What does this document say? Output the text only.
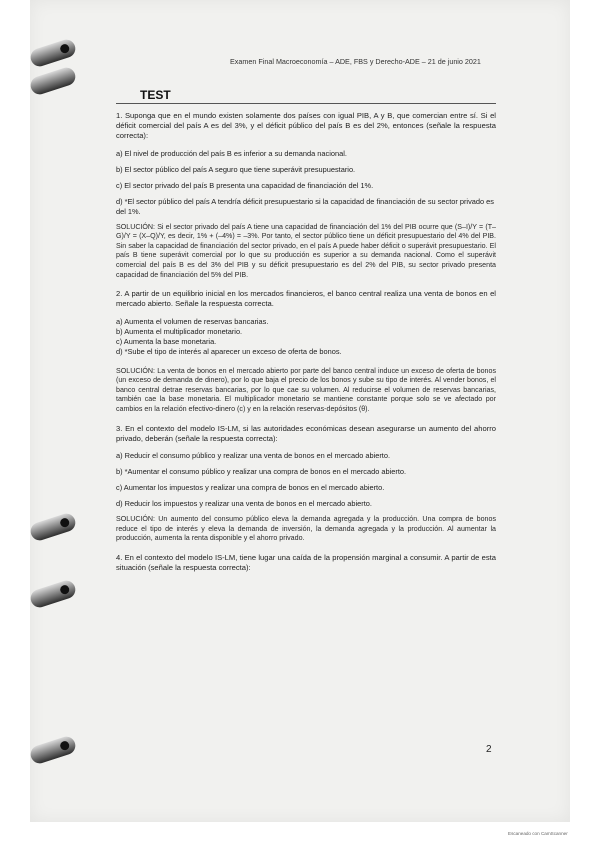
Examen Final Macroeconomía – ADE, FBS y Derecho-ADE – 21 de junio 2021
TEST

1. Suponga que en el mundo existen solamente dos países con igual PIB, A y B, que comercian entre sí. Si el déficit comercial del país A es del 3%, y el déficit público del país B es del 2%, entonces (señale la respuesta correcta):

a) El nivel de producción del país B es inferior a su demanda nacional.

b) El sector público del país A seguro que tiene superávit presupuestario.

c) El sector privado del país B presenta una capacidad de financiación del 1%.

d) *El sector público del país A tendría déficit presupuestario si la capacidad de financiación de su sector privado es del 1%.

SOLUCIÓN: Si el sector privado del país A tiene una capacidad de financiación del 1% del PIB ocurre que (S–I)/Y = (T–G)/Y = (X–Q)/Y, es decir, 1% + (–4%) = –3%. Por tanto, el sector público tiene un déficit presupuestario del 4% del PIB. Sin saber la capacidad de financiación del sector privado, en el país A puede haber déficit o superávit presupuestario. El país B tiene superávit comercial por lo que su producción es superior a su demanda nacional. Como el superávit comercial del país B es del 3% del PIB y su déficit presupuestario es del 2% del PIB, su sector privado presenta capacidad de financiación del 5% del PIB.

2. A partir de un equilibrio inicial en los mercados financieros, el banco central realiza una venta de bonos en el mercado abierto. Señale la respuesta correcta.

a) Aumenta el volumen de reservas bancarias.

b) Aumenta el multiplicador monetario.

c) Aumenta la base monetaria.

d) *Sube el tipo de interés al aparecer un exceso de oferta de bonos.

SOLUCIÓN: La venta de bonos en el mercado abierto por parte del banco central induce un exceso de oferta de bonos (un exceso de demanda de dinero), por lo que baja el precio de los bonos y sube su tipo de interés. Al vender bonos, el banco central detrae reservas bancarias, por lo que cae su volumen. Al reducirse el volumen de reservas bancarias, también cae la base monetaria. El multiplicador monetario se mantiene constante porque solo se ve afectado por cambios en la relación efectivo-dinero (c) y en la relación reservas-depósitos (θ).

3. En el contexto del modelo IS-LM, si las autoridades económicas desean asegurarse un aumento del ahorro privado, deberán (señale la respuesta correcta):

a) Reducir el consumo público y realizar una venta de bonos en el mercado abierto.

b) *Aumentar el consumo público y realizar una compra de bonos en el mercado abierto.

c) Aumentar los impuestos y realizar una compra de bonos en el mercado abierto.

d) Reducir los impuestos y realizar una venta de bonos en el mercado abierto.

SOLUCIÓN: Un aumento del consumo público eleva la demanda agregada y la producción. Una compra de bonos reduce el tipo de interés y eleva la demanda de inversión, la demanda agregada y la producción. Al aumentar la producción, aumenta la renta disponible y el ahorro privado.

4. En el contexto del modelo IS-LM, tiene lugar una caída de la propensión marginal a consumir. A partir de esta situación (señale la respuesta correcta):

2
Escaneado con CamScanner
